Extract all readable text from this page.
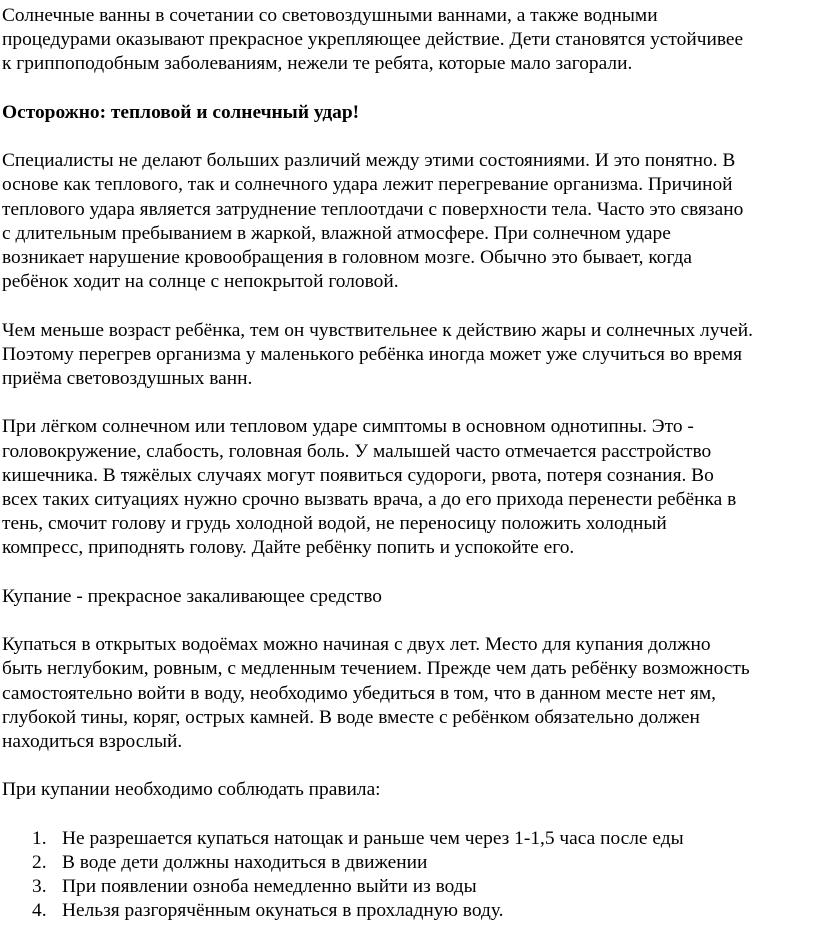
Солнечные ванны в сочетании со световоздушными ваннами, а также водными
процедурами оказывают прекрасное укрепляющее действие. Дети становятся устойчивее
к гриппоподобным заболеваниям, нежели те ребята, которые мало загорали.

Осторожно: тепловой и солнечный удар!

Специалисты не делают больших различий между этими состояниями. И это понятно. В
основе как теплового, так и солнечного удара лежит перегревание организма. Причиной
теплового удара является затруднение теплоотдачи с поверхности тела. Часто это связано
с длительным пребыванием в жаркой, влажной атмосфере. При солнечном ударе
возникает нарушение кровообращения в головном мозге. Обычно это бывает, когда
ребёнок ходит на солнце с непокрытой головой.

Чем меньше возраст ребёнка, тем он чувствительнее к действию жары и солнечных лучей.
Поэтому перегрев организма у маленького ребёнка иногда может уже случиться во время
приёма световоздушных ванн.

При лёгком солнечном или тепловом ударе симптомы в основном однотипны. Это -
головокружение, слабость, головная боль. У малышей часто отмечается расстройство
кишечника. В тяжёлых случаях могут появиться судороги, рвота, потеря сознания. Во
всех таких ситуациях нужно срочно вызвать врача, а до его прихода перенести ребёнка в
тень, смочит голову и грудь холодной водой, не переносицу положить холодный
компресс, приподнять голову. Дайте ребёнку попить и успокойте его.

Купание - прекрасное закаливающее средство

Купаться в открытых водоёмах можно начиная с двух лет. Место для купания должно
быть неглубоким, ровным, с медленным течением. Прежде чем дать ребёнку возможность
самостоятельно войти в воду, необходимо убедиться в том, что в данном месте нет ям,
глубокой тины, коряг, острых камней. В воде вместе с ребёнком обязательно должен
находиться взрослый.

При купании необходимо соблюдать правила:

1. Не разрешается купаться натощак и раньше чем через 1-1,5 часа после еды
2. В воде дети должны находиться в движении
3. При появлении озноба немедленно выйти из воды
4. Нельзя разгорячённым окунаться в прохладную воду.
